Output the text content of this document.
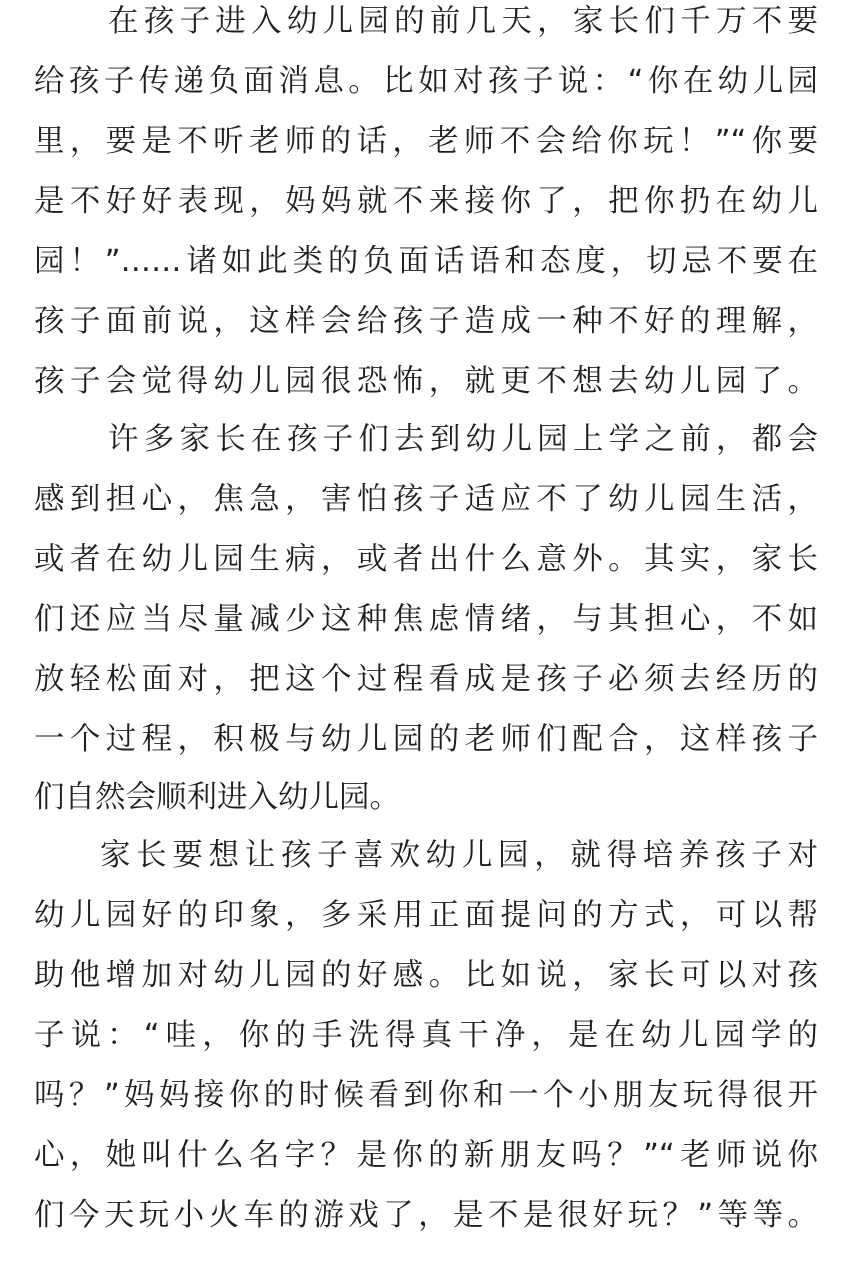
在孩子进入幼儿园的前几天，家长们千万不要
给孩子传递负面消息。比如对孩子说：“你在幼儿园
里，要是不听老师的话，老师不会给你玩！”“你要
是不好好表现，妈妈就不来接你了，把你扔在幼儿
园！”……诸如此类的负面话语和态度，切忌不要在
孩子面前说，这样会给孩子造成一种不好的理解，
孩子会觉得幼儿园很恐怖，就更不想去幼儿园了。
许多家长在孩子们去到幼儿园上学之前，都会
感到担心，焦急，害怕孩子适应不了幼儿园生活，
或者在幼儿园生病，或者出什么意外。其实，家长
们还应当尽量减少这种焦虑情绪，与其担心，不如
放轻松面对，把这个过程看成是孩子必须去经历的
一个过程，积极与幼儿园的老师们配合，这样孩子
们自然会顺利进入幼儿园。
家长要想让孩子喜欢幼儿园，就得培养孩子对
幼儿园好的印象，多采用正面提问的方式，可以帮
助他增加对幼儿园的好感。比如说，家长可以对孩
子说：“哇，你的手洗得真干净，是在幼儿园学的
吗？”妈妈接你的时候看到你和一个小朋友玩得很开
心，她叫什么名字？是你的新朋友吗？”“老师说你
们今天玩小火车的游戏了，是不是很好玩？”等等。
